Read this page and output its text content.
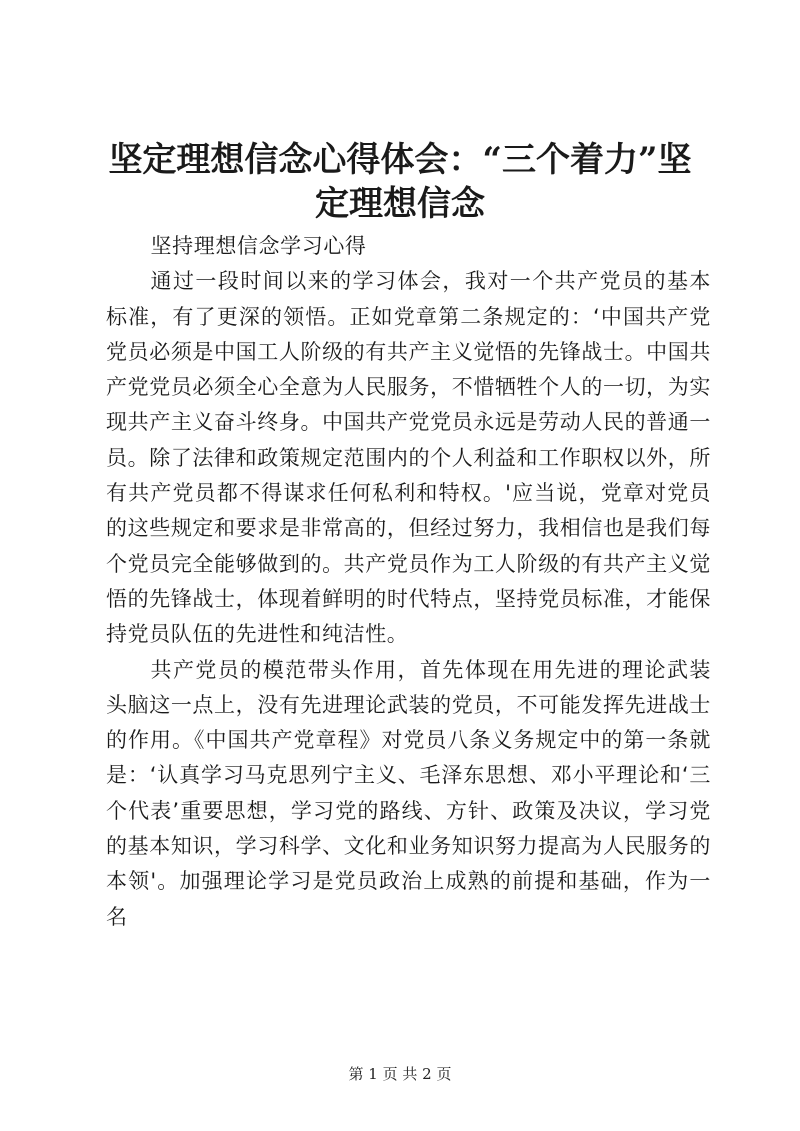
坚定理想信念心得体会：“三个着力”坚定理想信念

坚持理想信念学习心得

通过一段时间以来的学习体会，我对一个共产党员的基本标准，有了更深的领悟。正如党章第二条规定的：‘中国共产党党员必须是中国工人阶级的有共产主义觉悟的先锋战士。中国共产党党员必须全心全意为人民服务，不惜牺牲个人的一切，为实现共产主义奋斗终身。中国共产党党员永远是劳动人民的普通一员。除了法律和政策规定范围内的个人利益和工作职权以外，所有共产党员都不得谋求任何私利和特权。'应当说，党章对党员的这些规定和要求是非常高的，但经过努力，我相信也是我们每个党员完全能够做到的。共产党员作为工人阶级的有共产主义觉悟的先锋战士，体现着鲜明的时代特点，坚持党员标准，才能保持党员队伍的先进性和纯洁性。

共产党员的模范带头作用，首先体现在用先进的理论武装头脑这一点上，没有先进理论武装的党员，不可能发挥先进战士的作用。《中国共产党章程》对党员八条义务规定中的第一条就是：‘认真学习马克思列宁主义、毛泽东思想、邓小平理论和‘三个代表’重要思想，学习党的路线、方针、政策及决议，学习党的基本知识，学习科学、文化和业务知识努力提高为人民服务的本领'。加强理论学习是党员政治上成熟的前提和基础，作为一名

第 1 页 共 2 页
